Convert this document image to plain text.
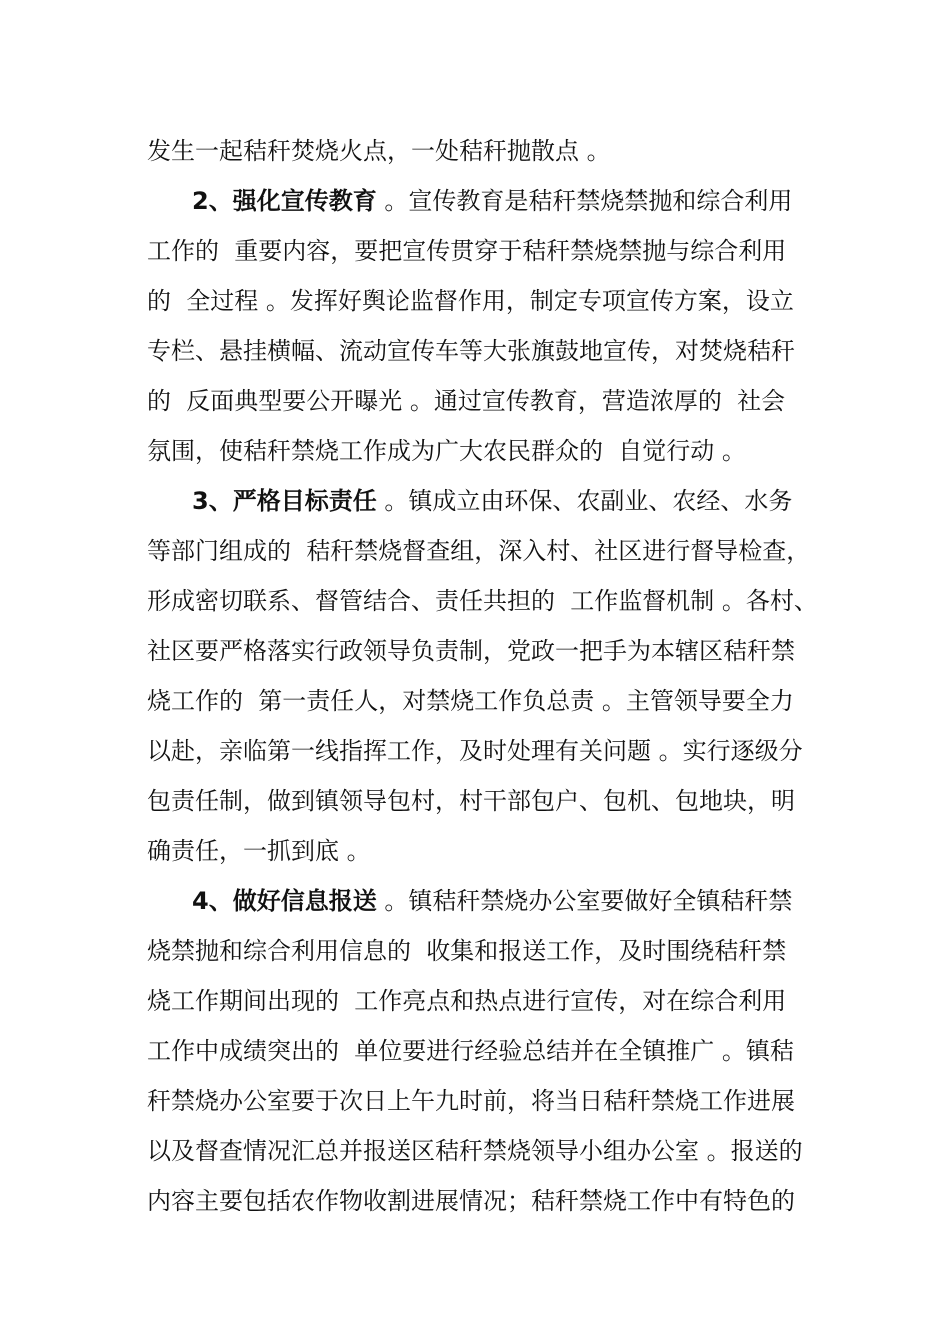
发生一起秸秆焚烧火点，一处秸秆抛散点 。
2、强化宣传教育 。宣传教育是秸秆禁烧禁抛和综合利用
工作的  重要内容，要把宣传贯穿于秸秆禁烧禁抛与综合利用
的  全过程 。发挥好舆论监督作用，制定专项宣传方案，设立
专栏、悬挂横幅、流动宣传车等大张旗鼓地宣传，对焚烧秸秆
的  反面典型要公开曝光 。通过宣传教育，营造浓厚的  社会
氛围，使秸秆禁烧工作成为广大农民群众的  自觉行动 。
3、严格目标责任 。镇成立由环保、农副业、农经、水务
等部门组成的  秸秆禁烧督查组，深入村、社区进行督导检查，
形成密切联系、督管结合、责任共担的  工作监督机制 。各村、
社区要严格落实行政领导负责制，党政一把手为本辖区秸秆禁
烧工作的  第一责任人，对禁烧工作负总责 。主管领导要全力
以赴，亲临第一线指挥工作，及时处理有关问题 。实行逐级分
包责任制，做到镇领导包村，村干部包户、包机、包地块，明
确责任，一抓到底 。
4、做好信息报送 。镇秸秆禁烧办公室要做好全镇秸秆禁
烧禁抛和综合利用信息的  收集和报送工作，及时围绕秸秆禁
烧工作期间出现的  工作亮点和热点进行宣传，对在综合利用
工作中成绩突出的  单位要进行经验总结并在全镇推广 。镇秸
秆禁烧办公室要于次日上午九时前，将当日秸秆禁烧工作进展
以及督查情况汇总并报送区秸秆禁烧领导小组办公室 。报送的
内容主要包括农作物收割进展情况；秸秆禁烧工作中有特色的
